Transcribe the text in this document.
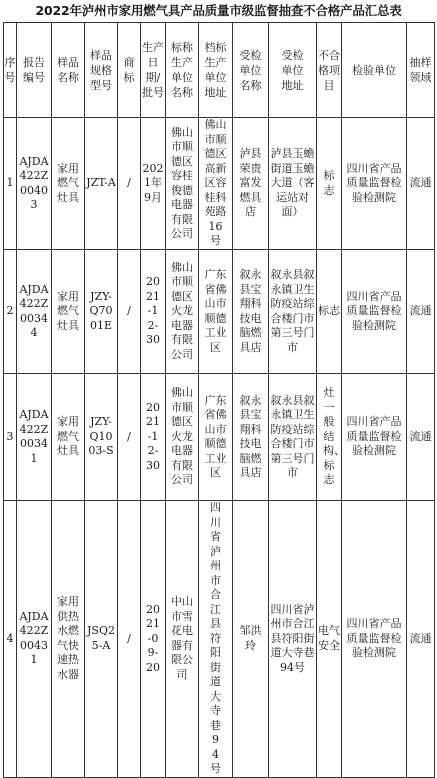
2022年泸州市家用燃气具产品质量市级监督抽查不合格产品汇总表
序号	报告编号	样品名称	样品规格型号	商标	生产日期/批号	标称生产单位名称	档标生产单位地址	受检单位名称	受检单位地址	不合格项目	检验单位	抽样领域

1	AJDA422Z00403	家用燃气灶具	JZT-A	/	2021年9月	佛山市顺德区容桂俊德电器有限公司	佛山市顺德区高新区容桂科苑路16号	泸县荣贵富发燃具店	泸县玉蟾街道玉蟾大道（客运站对面）	标志	四川省产品质量监督检验检测院	流通
2	AJDA422Z00344	家用燃气灶具	JZY-Q7001E	/	2021-12-30	佛山市顺德区火龙电器有限公司	广东省佛山市顺德工业区	叙永县宝翔科技电脑燃具店	叙永县叙永镇卫生防疫站综合楼门市第三号门市	标志	四川省产品质量监督检验检测院	流通
3	AJDA422Z00341	家用燃气灶具	JZY-Q1003-S	/	2021-12-30	佛山市顺德区火龙电器有限公司	广东省佛山市顺德工业区	叙永县宝翔科技电脑燃具店	叙永县叙永镇卫生防疫站综合楼门市第三号门市	灶一般结构、标志	四川省产品质量监督检验检测院	流通
4	AJDA422Z00431	家用供热水燃气快速热水器	JSQ25-A	/	2021-09-20	中山市雪花电器有限公司	四川省泸州市合江县符阳街道大寺巷94号	邹洪玲	四川省泸州市合江县符阳街道大寺巷94号	电气安全	四川省产品质量监督检验检测院	流通
